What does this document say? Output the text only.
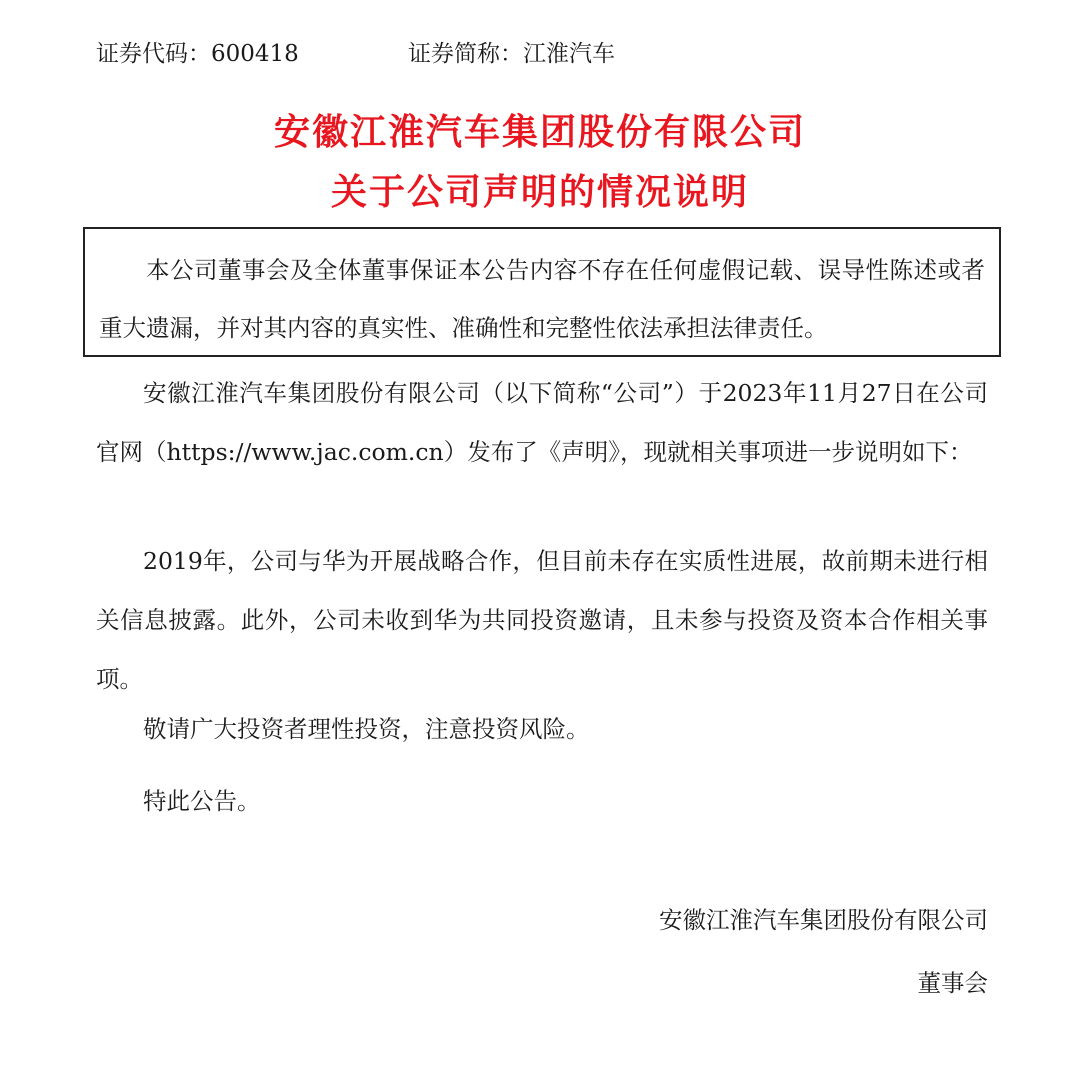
证券代码：600418	证券简称：江淮汽车
安徽江淮汽车集团股份有限公司
关于公司声明的情况说明

本公司董事会及全体董事保证本公告内容不存在任何虚假记载、误导性陈述或者重大遗漏，并对其内容的真实性、准确性和完整性依法承担法律责任。

安徽江淮汽车集团股份有限公司（以下简称“公司”）于2023年11月27日在公司官网（https://www.jac.com.cn）发布了《声明》，现就相关事项进一步说明如下：

2019年，公司与华为开展战略合作，但目前未存在实质性进展，故前期未进行相关信息披露。此外，公司未收到华为共同投资邀请，且未参与投资及资本合作相关事项。

敬请广大投资者理性投资，注意投资风险。

特此公告。

安徽江淮汽车集团股份有限公司
董事会
